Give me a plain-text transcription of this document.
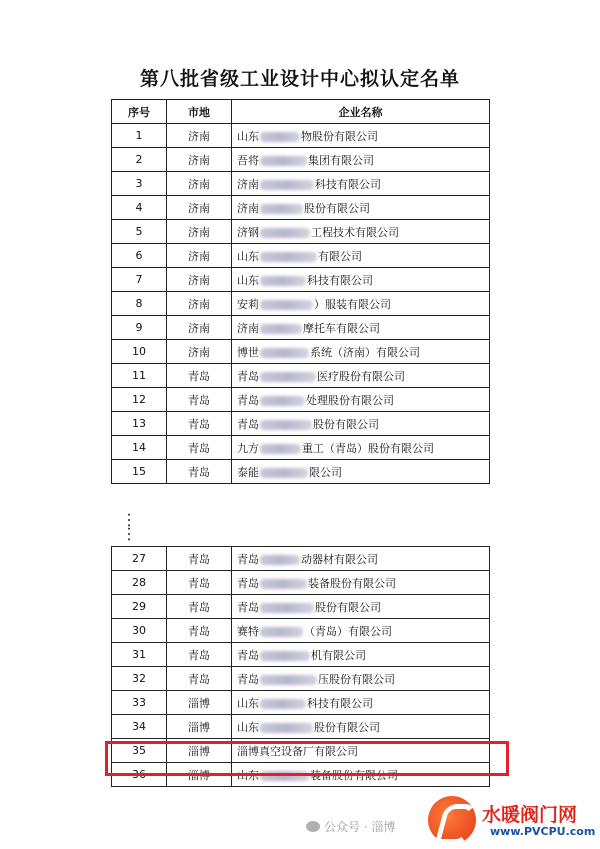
第八批省级工业设计中心拟认定名单
序号	市地	企业名称
1	济南	山东 物股份有限公司
2	济南	吾将 集团有限公司
3	济南	济南 科技有限公司
4	济南	济南 股份有限公司
5	济南	济钢 工程技术有限公司
6	济南	山东 有限公司
7	济南	山东 科技有限公司
8	济南	安莉 ）服装有限公司
9	济南	济南 摩托车有限公司
10	济南	博世 系统（济南）有限公司
11	青岛	青岛 医疗股份有限公司
12	青岛	青岛 处理股份有限公司
13	青岛	青岛 股份有限公司
14	青岛	九方 重工（青岛）股份有限公司
15	青岛	泰能 限公司
……
27	青岛	青岛 动器材有限公司
28	青岛	青岛 装备股份有限公司
29	青岛	青岛 股份有限公司
30	青岛	赛特 （青岛）有限公司
31	青岛	青岛 机有限公司
32	青岛	青岛 压股份有限公司
33	淄博	山东 科技有限公司
34	淄博	山东 股份有限公司
35	淄博	淄博真空设备厂有限公司
36	淄博	山东 装备股份有限公司
公众号 · 淄博
水暖阀门网
www.PVCPU.com
